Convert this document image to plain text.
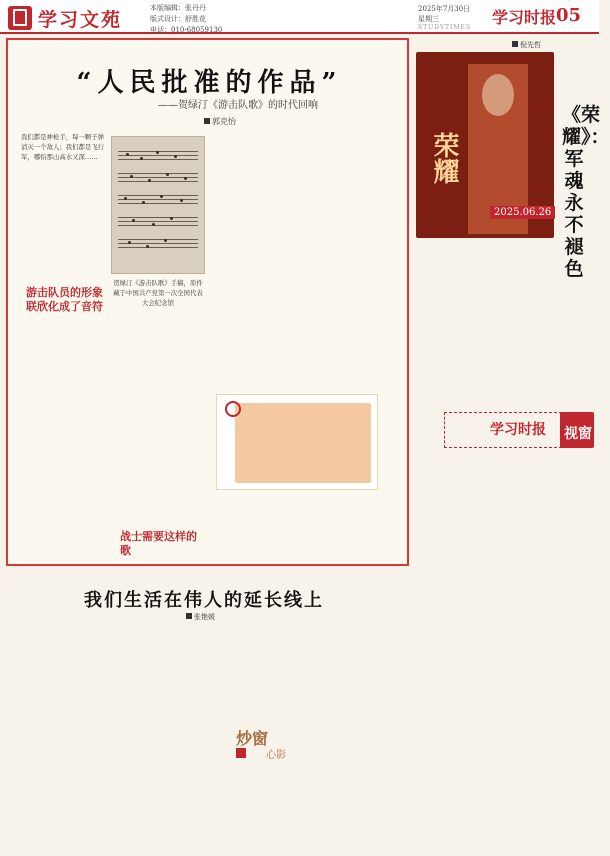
学习文苑
本版编辑：张丹丹
版式设计：舒胜花
电话：010-68059130
2025年7月30日
星期三
STUDYTIMES
学习时报 05
“人民批准的作品”
——贺绿汀《游击队歌》的时代回响
郭克怡
我们都是神枪手，每一颗子弹消灭一个敌人；我们都是飞行军，哪怕那山高水又深……
贺绿汀《游击队歌》手稿，原件藏于中国共产党第一次全国代表大会纪念馆
游击队员的形象联欣化成了音符
战士需要这样的歌
我们生活在伟人的延长线上
张艳媛
倪先哲
荣耀
2025.06.26
《荣耀》：军魂永不褪色
学习时报	视窗
炒窗
心影
